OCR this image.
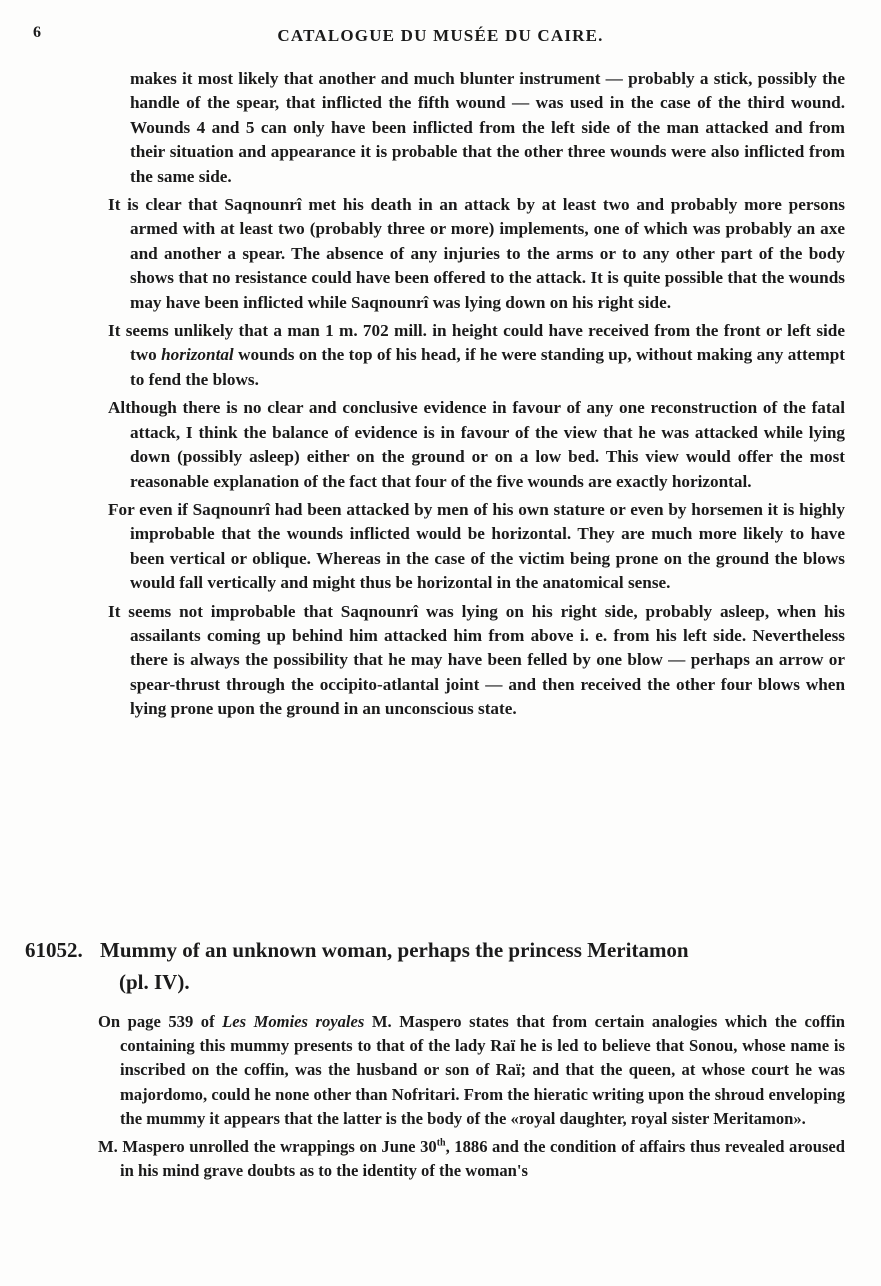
6	CATALOGUE DU MUSÉE DU CAIRE.

makes it most likely that another and much blunter instrument — probably a stick, possibly the handle of the spear, that inflicted the fifth wound — was used in the case of the third wound. Wounds 4 and 5 can only have been inflicted from the left side of the man attacked and from their situation and appearance it is probable that the other three wounds were also inflicted from the same side.

It is clear that Saqnounrî met his death in an attack by at least two and probably more persons armed with at least two (probably three or more) implements, one of which was probably an axe and another a spear. The absence of any injuries to the arms or to any other part of the body shows that no resistance could have been offered to the attack. It is quite possible that the wounds may have been inflicted while Saqnounrî was lying down on his right side.

It seems unlikely that a man 1 m. 702 mill. in height could have received from the front or left side two horizontal wounds on the top of his head, if he were standing up, without making any attempt to fend the blows.

Although there is no clear and conclusive evidence in favour of any one reconstruction of the fatal attack, I think the balance of evidence is in favour of the view that he was attacked while lying down (possibly asleep) either on the ground or on a low bed. This view would offer the most reasonable explanation of the fact that four of the five wounds are exactly horizontal.

For even if Saqnounrî had been attacked by men of his own stature or even by horsemen it is highly improbable that the wounds inflicted would be horizontal. They are much more likely to have been vertical or oblique. Whereas in the case of the victim being prone on the ground the blows would fall vertically and might thus be horizontal in the anatomical sense.

It seems not improbable that Saqnounrî was lying on his right side, probably asleep, when his assailants coming up behind him attacked him from above i. e. from his left side. Nevertheless there is always the possibility that he may have been felled by one blow — perhaps an arrow or spear-thrust through the occipito-atlantal joint — and then received the other four blows when lying prone upon the ground in an unconscious state.

61052. Mummy of an unknown woman, perhaps the princess Meritamon
(pl. IV).

On page 539 of Les Momies royales M. Maspero states that from certain analogies which the coffin containing this mummy presents to that of the lady Raï he is led to believe that Sonou, whose name is inscribed on the coffin, was the husband or son of Raï; and that the queen, at whose court he was majordomo, could he none other than Nofritari. From the hieratic writing upon the shroud enveloping the mummy it appears that the latter is the body of the «royal daughter, royal sister Meritamon».

M. Maspero unrolled the wrappings on June 30th, 1886 and the condition of affairs thus revealed aroused in his mind grave doubts as to the identity of the woman's
